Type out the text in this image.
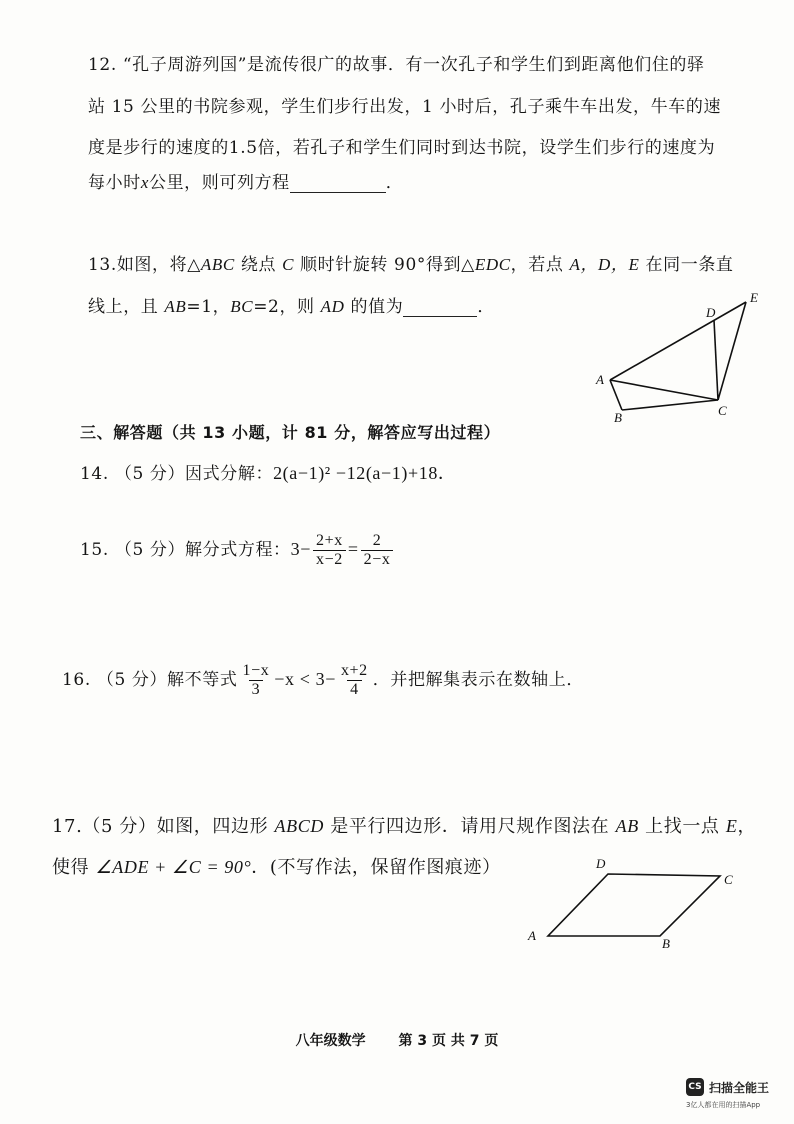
12. “孔子周游列国”是流传很广的故事．有一次孔子和学生们到距离他们住的驿
站 15 公里的书院参观，学生们步行出发，1 小时后，孔子乘牛车出发，牛车的速
度是步行的速度的1.5倍，若孔子和学生们同时到达书院，设学生们步行的速度为
每小时x公里，则可列方程	．
13.如图，将△ABC 绕点 C 顺时针旋转 90°得到△EDC，若点 A，D，E 在同一条直
线上，且 AB=1，BC=2，则 AD 的值为	．
A
B	C
D
E
三、解答题（共 13 小题，计 81 分，解答应写出过程）
14. （5 分）因式分解：2(a−1)² −12(a−1)+18．
15. （5 分）解分式方程：$3- \frac{2+x}{x-2} = \frac{2}{2-x}$
16. （5 分）解不等式 $\frac{1-x}{3} -x < 3- \frac{x+2}{4}$ ．并把解集表示在数轴上．
17.（5 分）如图，四边形 ABCD 是平行四边形．请用尺规作图法在 AB 上找一点 E，
使得 ∠ADE + ∠C = 90°．(不写作法，保留作图痕迹）
A
B
C
D
八年级数学 第 3 页 共 7 页
CS 扫描全能王
3亿人都在用的扫描App
